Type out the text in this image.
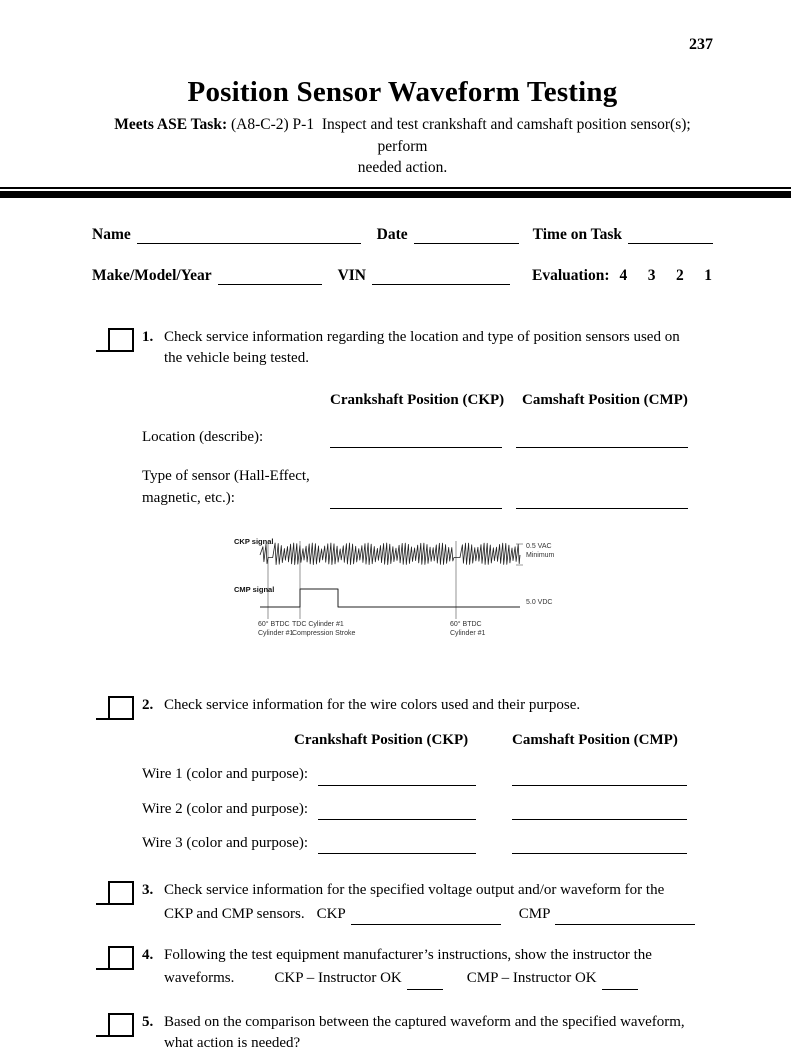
237
Position Sensor Waveform Testing
Meets ASE Task: (A8-C-2) P-1  Inspect and test crankshaft and camshaft position sensor(s); perform
needed action.
Name	Date	Time on Task
Make/Model/Year	VIN	Evaluation: 4    3    2    1
1. Check service information regarding the location and type of position sensors used on
the vehicle being tested.
Crankshaft Position (CKP)	Camshaft Position (CMP)
Location (describe):
Type of sensor (Hall-Effect, magnetic, etc.):
CKP signal
0.5 VAC Minimum
CMP signal
5.0 VDC
60° BTDC Cylinder #1
TDC Cylinder #1 Compression Stroke
60° BTDC Cylinder #1
2. Check service information for the wire colors used and their purpose.
Crankshaft Position (CKP)	Camshaft Position (CMP)
Wire 1 (color and purpose):
Wire 2 (color and purpose):
Wire 3 (color and purpose):
3. Check service information for the specified voltage output and/or waveform for the
CKP and CMP sensors. CKP	CMP
4. Following the test equipment manufacturer’s instructions, show the instructor the
waveforms.	CKP – Instructor OK	CMP – Instructor OK
5. Based on the comparison between the captured waveform and the specified waveform,
what action is needed?
